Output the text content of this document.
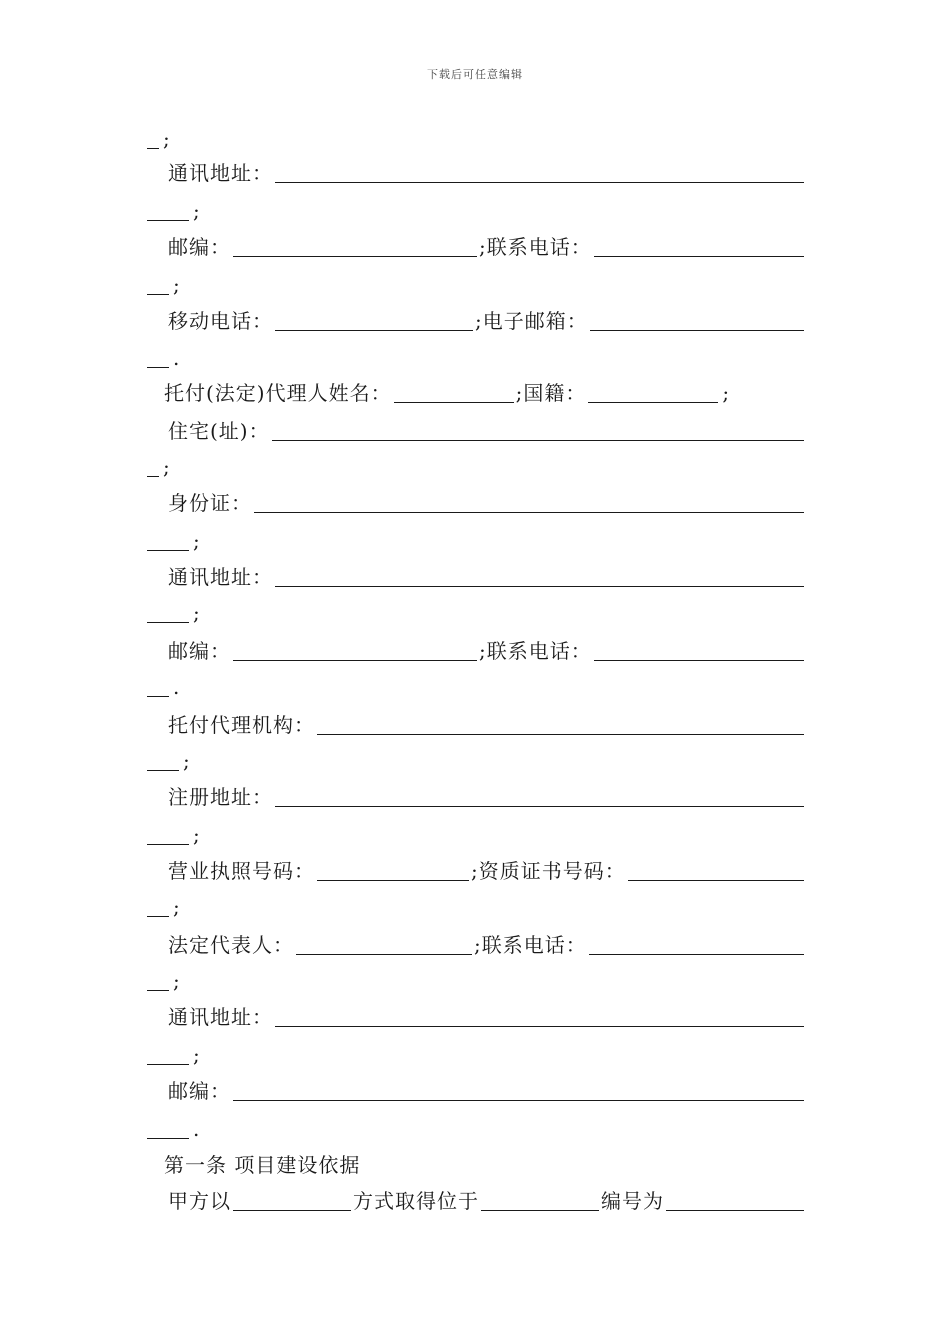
下载后可任意编辑
;
通讯地址：
;
邮编：	;联系电话：
;
移动电话：	;电子邮箱：
.
托付(法定)代理人姓名：	;国籍：	;
住宅(址)：
;
身份证：
;
通讯地址：
;
邮编：	;联系电话：
.
托付代理机构：
;
注册地址：
;
营业执照号码：	;资质证书号码：
;
法定代表人：	;联系电话：
;
通讯地址：
;
邮编：
.
第一条 项目建设依据
甲方以	方式取得位于	编号为
